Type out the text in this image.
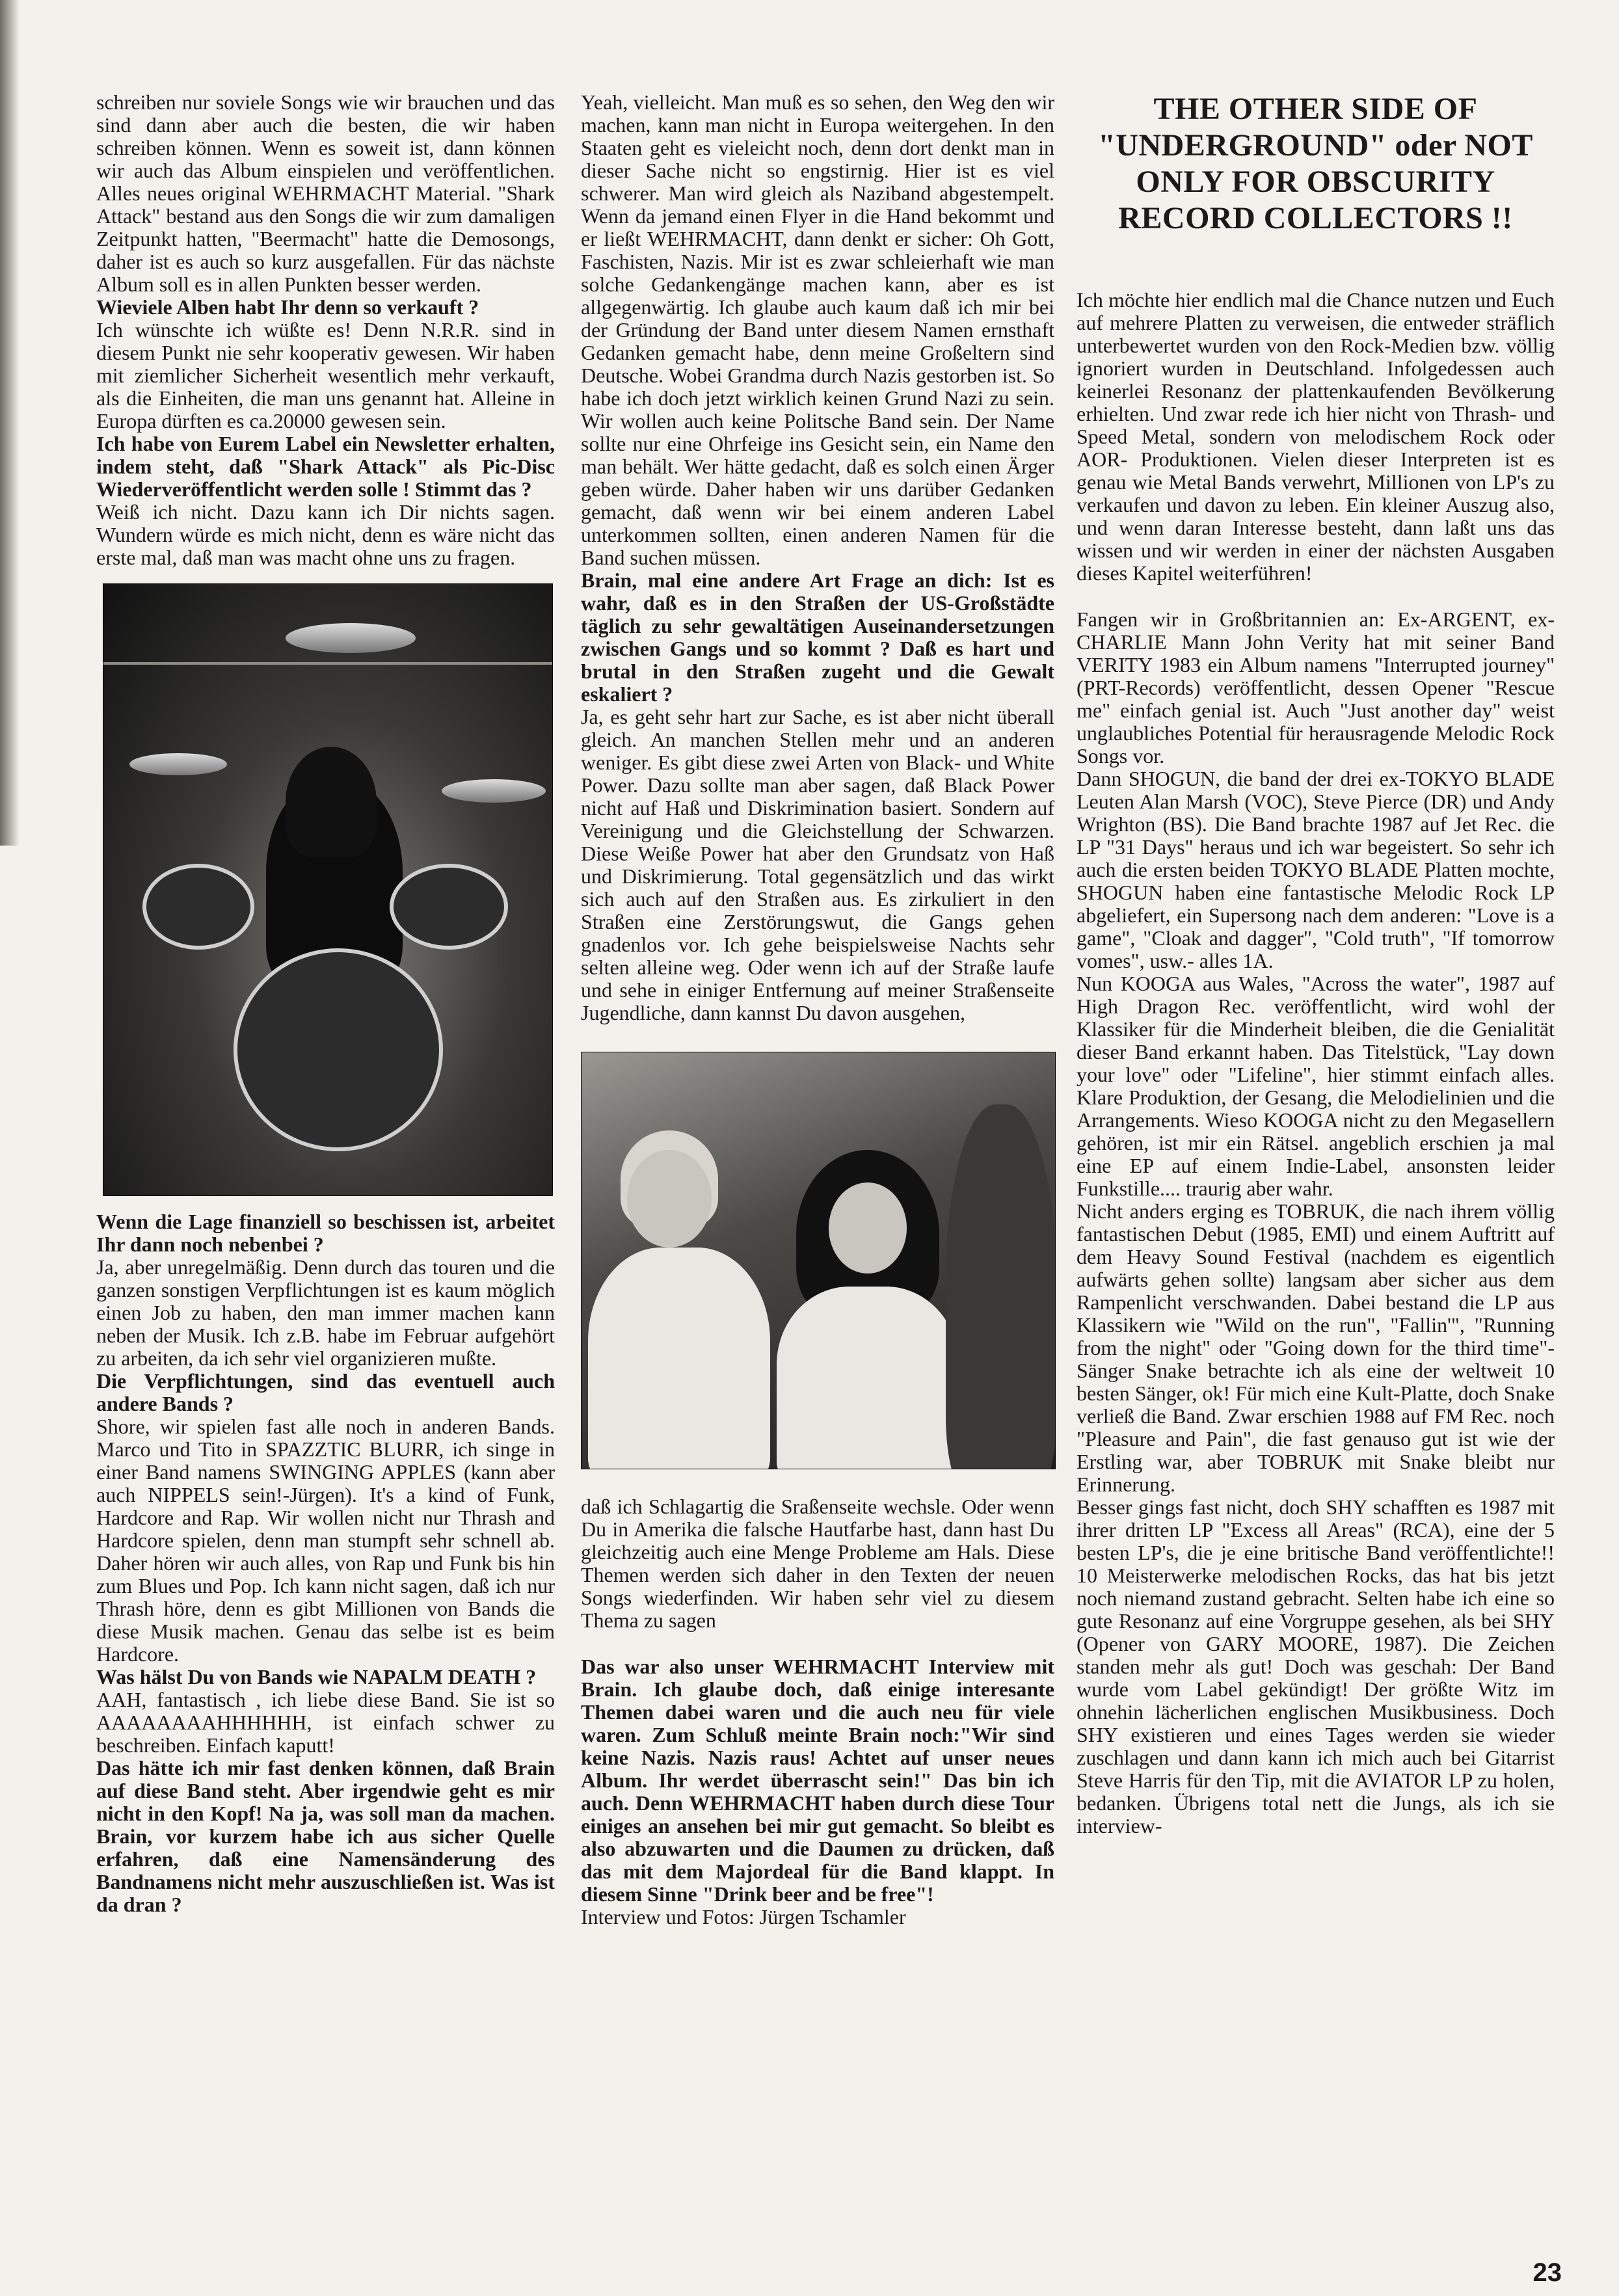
schreiben nur soviele Songs wie wir brauchen und das sind dann aber auch die besten, die wir haben schreiben können. Wenn es soweit ist, dann können wir auch das Album einspielen und veröffentlichen. Alles neues original WEHRMACHT Material. "Shark Attack" bestand aus den Songs die wir zum damaligen Zeitpunkt hatten, "Beermacht" hatte die Demosongs, daher ist es auch so kurz ausgefallen. Für das nächste Album soll es in allen Punkten besser werden.

Wieviele Alben habt Ihr denn so verkauft ?

Ich wünschte ich wüßte es! Denn N.R.R. sind in diesem Punkt nie sehr kooperativ gewesen. Wir haben mit ziemlicher Sicherheit wesentlich mehr verkauft, als die Einheiten, die man uns genannt hat. Alleine in Europa dürften es ca.20000 gewesen sein.

Ich habe von Eurem Label ein Newsletter erhalten, indem steht, daß "Shark Attack" als Pic-Disc Wiederveröffentlicht werden solle ! Stimmt das ?

Weiß ich nicht. Dazu kann ich Dir nichts sagen. Wundern würde es mich nicht, denn es wäre nicht das erste mal, daß man was macht ohne uns zu fragen.

Wenn die Lage finanziell so beschissen ist, arbeitet Ihr dann noch nebenbei ?

Ja, aber unregelmäßig. Denn durch das touren und die ganzen sonstigen Verpflichtungen ist es kaum möglich einen Job zu haben, den man immer machen kann neben der Musik. Ich z.B. habe im Februar aufgehört zu arbeiten, da ich sehr viel organizieren mußte.

Die Verpflichtungen, sind das eventuell auch andere Bands ?

Shore, wir spielen fast alle noch in anderen Bands. Marco und Tito in SPAZZTIC BLURR, ich singe in einer Band namens SWINGING APPLES (kann aber auch NIPPELS sein!-Jürgen). It's a kind of Funk, Hardcore and Rap. Wir wollen nicht nur Thrash and Hardcore spielen, denn man stumpft sehr schnell ab. Daher hören wir auch alles, von Rap und Funk bis hin zum Blues und Pop. Ich kann nicht sagen, daß ich nur Thrash höre, denn es gibt Millionen von Bands die diese Musik machen. Genau das selbe ist es beim Hardcore.

Was hälst Du von Bands wie NAPALM DEATH ?

AAH, fantastisch , ich liebe diese Band. Sie ist so AAAAAAAAHHHHHH, ist einfach schwer zu beschreiben. Einfach kaputt!

Das hätte ich mir fast denken können, daß Brain auf diese Band steht. Aber irgendwie geht es mir nicht in den Kopf! Na ja, was soll man da machen. Brain, vor kurzem habe ich aus sicher Quelle erfahren, daß eine Namensänderung des Bandnamens nicht mehr auszuschließen ist. Was ist da dran ?

Yeah, vielleicht. Man muß es so sehen, den Weg den wir machen, kann man nicht in Europa weitergehen. In den Staaten geht es vieleicht noch, denn dort denkt man in dieser Sache nicht so engstirnig. Hier ist es viel schwerer. Man wird gleich als Naziband abgestempelt. Wenn da jemand einen Flyer in die Hand bekommt und er ließt WEHRMACHT, dann denkt er sicher: Oh Gott, Faschisten, Nazis. Mir ist es zwar schleierhaft wie man solche Gedankengänge machen kann, aber es ist allgegenwärtig. Ich glaube auch kaum daß ich mir bei der Gründung der Band unter diesem Namen ernsthaft Gedanken gemacht habe, denn meine Großeltern sind Deutsche. Wobei Grandma durch Nazis gestorben ist. So habe ich doch jetzt wirklich keinen Grund Nazi zu sein. Wir wollen auch keine Politsche Band sein. Der Name sollte nur eine Ohrfeige ins Gesicht sein, ein Name den man behält. Wer hätte gedacht, daß es solch einen Ärger geben würde. Daher haben wir uns darüber Gedanken gemacht, daß wenn wir bei einem anderen Label unterkommen sollten, einen anderen Namen für die Band suchen müssen.

Brain, mal eine andere Art Frage an dich: Ist es wahr, daß es in den Straßen der US-Großstädte täglich zu sehr gewaltätigen Auseinandersetzungen zwischen Gangs und so kommt ? Daß es hart und brutal in den Straßen zugeht und die Gewalt eskaliert ?

Ja, es geht sehr hart zur Sache, es ist aber nicht überall gleich. An manchen Stellen mehr und an anderen weniger. Es gibt diese zwei Arten von Black- und White Power. Dazu sollte man aber sagen, daß Black Power nicht auf Haß und Diskrimination basiert. Sondern auf Vereinigung und die Gleichstellung der Schwarzen. Diese Weiße Power hat aber den Grundsatz von Haß und Diskrimierung. Total gegensätzlich und das wirkt sich auch auf den Straßen aus. Es zirkuliert in den Straßen eine Zerstörungswut, die Gangs gehen gnadenlos vor. Ich gehe beispielsweise Nachts sehr selten alleine weg. Oder wenn ich auf der Straße laufe und sehe in einiger Entfernung auf meiner Straßenseite Jugendliche, dann kannst Du davon ausgehen,

daß ich Schlagartig die Sraßenseite wechsle. Oder wenn Du in Amerika die falsche Hautfarbe hast, dann hast Du gleichzeitig auch eine Menge Probleme am Hals. Diese Themen werden sich daher in den Texten der neuen Songs wiederfinden. Wir haben sehr viel zu diesem Thema zu sagen

Das war also unser WEHRMACHT Interview mit Brain. Ich glaube doch, daß einige interesante Themen dabei waren und die auch neu für viele waren. Zum Schluß meinte Brain noch:"Wir sind keine Nazis. Nazis raus! Achtet auf unser neues Album. Ihr werdet überrascht sein!" Das bin ich auch. Denn WEHRMACHT haben durch diese Tour einiges an ansehen bei mir gut gemacht. So bleibt es also abzuwarten und die Daumen zu drücken, daß das mit dem Majordeal für die Band klappt. In diesem Sinne "Drink beer and be free"!

Interview und Fotos: Jürgen Tschamler

THE OTHER SIDE OF "UNDERGROUND" oder NOT ONLY FOR OBSCURITY RECORD COLLECTORS !!

Ich möchte hier endlich mal die Chance nutzen und Euch auf mehrere Platten zu verweisen, die entweder sträflich unterbewertet wurden von den Rock-Medien bzw. völlig ignoriert wurden in Deutschland. Infolgedessen auch keinerlei Resonanz der plattenkaufenden Bevölkerung erhielten. Und zwar rede ich hier nicht von Thrash- und Speed Metal, sondern von melodischem Rock oder AOR- Produktionen. Vielen dieser Interpreten ist es genau wie Metal Bands verwehrt, Millionen von LP's zu verkaufen und davon zu leben. Ein kleiner Auszug also, und wenn daran Interesse besteht, dann laßt uns das wissen und wir werden in einer der nächsten Ausgaben dieses Kapitel weiterführen!

Fangen wir in Großbritannien an: Ex-ARGENT, ex-CHARLIE Mann John Verity hat mit seiner Band VERITY 1983 ein Album namens "Interrupted journey" (PRT-Records) veröffentlicht, dessen Opener "Rescue me" einfach genial ist. Auch "Just another day" weist unglaubliches Potential für herausragende Melodic Rock Songs vor.

Dann SHOGUN, die band der drei ex-TOKYO BLADE Leuten Alan Marsh (VOC), Steve Pierce (DR) und Andy Wrighton (BS). Die Band brachte 1987 auf Jet Rec. die LP "31 Days" heraus und ich war begeistert. So sehr ich auch die ersten beiden TOKYO BLADE Platten mochte, SHOGUN haben eine fantastische Melodic Rock LP abgeliefert, ein Supersong nach dem anderen: "Love is a game", "Cloak and dagger", "Cold truth", "If tomorrow vomes", usw.- alles 1A.

Nun KOOGA aus Wales, "Across the water", 1987 auf High Dragon Rec. veröffentlicht, wird wohl der Klassiker für die Minderheit bleiben, die die Genialität dieser Band erkannt haben. Das Titelstück, "Lay down your love" oder "Lifeline", hier stimmt einfach alles. Klare Produktion, der Gesang, die Melodielinien und die Arrangements. Wieso KOOGA nicht zu den Megasellern gehören, ist mir ein Rätsel. angeblich erschien ja mal eine EP auf einem Indie-Label, ansonsten leider Funkstille.... traurig aber wahr.

Nicht anders erging es TOBRUK, die nach ihrem völlig fantastischen Debut (1985, EMI) und einem Auftritt auf dem Heavy Sound Festival (nachdem es eigentlich aufwärts gehen sollte) langsam aber sicher aus dem Rampenlicht verschwanden. Dabei bestand die LP aus Klassikern wie "Wild on the run", "Fallin'", "Running from the night" oder "Going down for the third time"- Sänger Snake betrachte ich als eine der weltweit 10 besten Sänger, ok! Für mich eine Kult-Platte, doch Snake verließ die Band. Zwar erschien 1988 auf FM Rec. noch "Pleasure and Pain", die fast genauso gut ist wie der Erstling war, aber TOBRUK mit Snake bleibt nur Erinnerung.

Besser gings fast nicht, doch SHY schafften es 1987 mit ihrer dritten LP "Excess all Areas" (RCA), eine der 5 besten LP's, die je eine britische Band veröffentlichte!! 10 Meisterwerke melodischen Rocks, das hat bis jetzt noch niemand zustand gebracht. Selten habe ich eine so gute Resonanz auf eine Vorgruppe gesehen, als bei SHY (Opener von GARY MOORE, 1987). Die Zeichen standen mehr als gut! Doch was geschah: Der Band wurde vom Label gekündigt! Der größte Witz im ohnehin lächerlichen englischen Musikbusiness. Doch SHY existieren und eines Tages werden sie wieder zuschlagen und dann kann ich mich auch bei Gitarrist Steve Harris für den Tip, mit die AVIATOR LP zu holen, bedanken. Übrigens total nett die Jungs, als ich sie interview-

23
